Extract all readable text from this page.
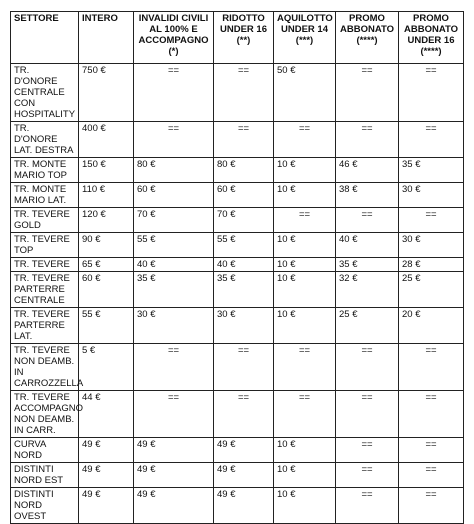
SETTORE	INTERO	INVALIDI CIVILI AL 100% E ACCOMPAGNO (*)	RIDOTTO UNDER 16 (**)	AQUILOTTO UNDER 14 (***)	PROMO ABBONATO (****)	PROMO ABBONATO UNDER 16 (****)
TR. D'ONORE CENTRALE CON HOSPITALITY	750 €	==	==	50 €	==	==
TR. D'ONORE LAT. DESTRA	400 €	==	==	==	==	==
TR. MONTE MARIO TOP	150 €	80 €	80 €	10 €	46 €	35 €
TR. MONTE MARIO LAT.	110 €	60 €	60 €	10 €	38 €	30 €
TR. TEVERE GOLD	120 €	70 €	70 €	==	==	==
TR. TEVERE TOP	90 €	55 €	55 €	10 €	40 €	30 €
TR. TEVERE	65 €	40 €	40 €	10 €	35 €	28 €
TR. TEVERE PARTERRE CENTRALE	60 €	35 €	35 €	10 €	32 €	25 €
TR. TEVERE PARTERRE LAT.	55 €	30 €	30 €	10 €	25 €	20 €
TR. TEVERE NON DEAMB. IN CARROZZELLA	5 €	==	==	==	==	==
TR. TEVERE ACCOMPAGNO NON DEAMB. IN CARR.	44 €	==	==	==	==	==
CURVA NORD	49 €	49 €	49 €	10 €	==	==
DISTINTI NORD EST	49 €	49 €	49 €	10 €	==	==
DISTINTI NORD OVEST	49 €	49 €	49 €	10 €	==	==
